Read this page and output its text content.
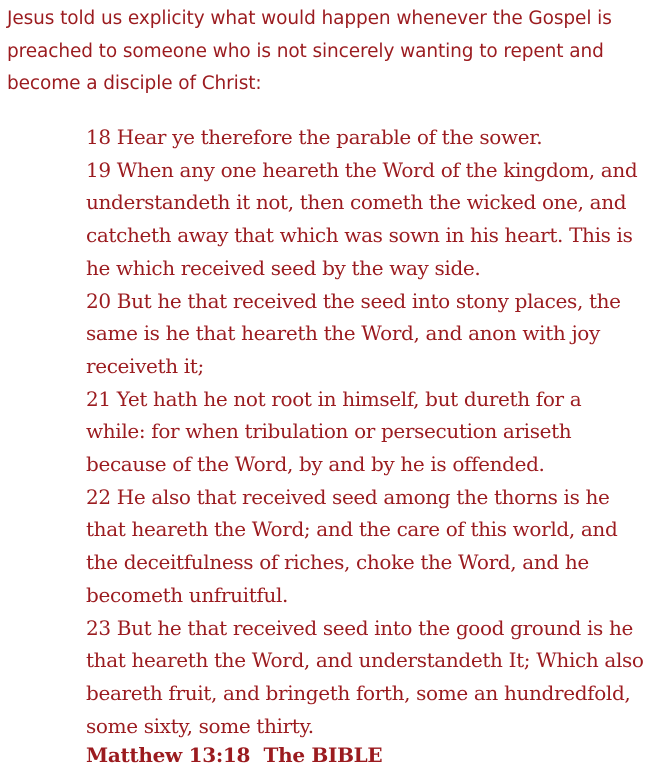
Jesus told us explicity what would happen whenever the Gospel is preached to someone who is not sincerely wanting to repent and become a disciple of Christ:

18 Hear ye therefore the parable of the sower.
19 When any one heareth the Word of the kingdom, and understandeth it not, then cometh the wicked one, and catcheth away that which was sown in his heart. This is he which received seed by the way side.
20 But he that received the seed into stony places, the same is he that heareth the Word, and anon with joy receiveth it;
21 Yet hath he not root in himself, but dureth for a while: for when tribulation or persecution ariseth because of the Word, by and by he is offended.
22 He also that received seed among the thorns is he that heareth the Word; and the care of this world, and the deceitfulness of riches, choke the Word, and he becometh unfruitful.
23 But he that received seed into the good ground is he that heareth the Word, and understandeth It; Which also beareth fruit, and bringeth forth, some an hundredfold, some sixty, some thirty.

Matthew 13:18  The BIBLE
